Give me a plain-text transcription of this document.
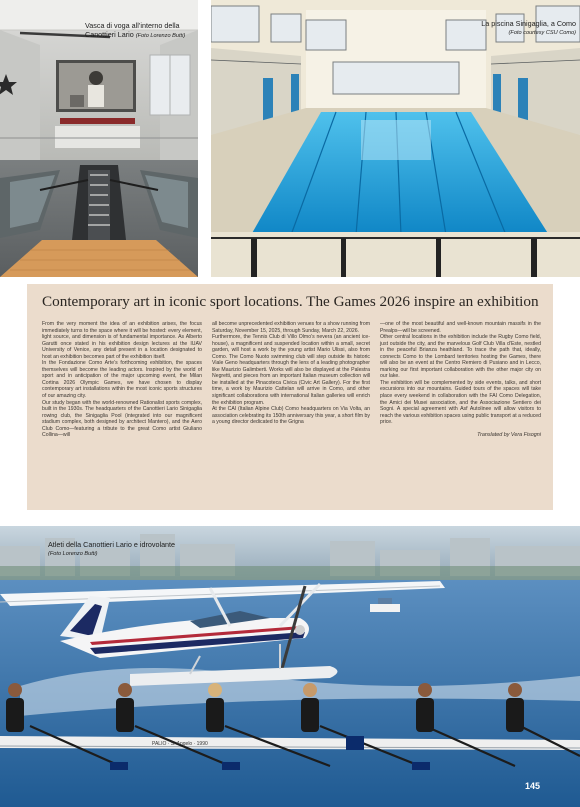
Vasca di voga all’interno della Canottieri Lario (Foto Lorenzo Butti)
La piscina Sinigaglia, a Como
(Foto courtesy CSU Como)
Contemporary art in iconic sport locations. The Games 2026 inspire an exhibition

From the very moment the idea of an exhibition arises, the focus immediately turns to the space where it will be hosted: every element, light source, and dimension is of fundamental importance. As Alberto Garutti once stated in his exhibition design lectures at the IUAV University of Venice, any detail present in a location designated to host an exhibition becomes part of the exhibition itself.

In the Fondazione Como Arte’s forthcoming exhibition, the spaces themselves will become the leading actors. Inspired by the world of sport and in anticipation of the major upcoming event, the Milan Cortina 2026 Olympic Games, we have chosen to display contemporary art installations within the most iconic sports structures of our amazing city.

Our study began with the world-renowned Rationalist sports complex, built in the 1930s. The headquarters of the Canottieri Lario Sinigaglia rowing club, the Sinigaglia Pool (integrated into our magnificent stadium complex, both designed by architect Mantero), and the Aero Club Como—featuring a tribute to the great Como artist Giuliano Collina—will

all become unprecedented exhibition venues for a show running from Saturday, November 15, 2025, through Sunday, March 22, 2026.

Furthermore, the Tennis Club di Villo Olmo’s nevera (an ancient ice-house), a magnificent and suspended location within a small, secret garden, will host a work by the young artist Mario Ulissi, also from Como. The Como Nuoto swimming club will step outside its historic Viale Geno headquarters through the lens of a leading photographer like Maurizio Galimberti. Works will also be displayed at the Palestra Negretti, and pieces from an important Italian museum collection will be installed at the Pinacoteca Civica (Civic Art Gallery). For the first time, a work by Maurizio Cattelan will arrive in Como, and other significant collaborations with international Italian galleries will enrich the exhibition program.

At the CAI (Italian Alpine Club) Como headquarters on Via Volta, an association celebrating its 150th anniversary this year, a short film by a young director dedicated to the Grigna

—one of the most beautiful and well-known mountain massifs in the Prealps—will be screened.

Other central locations in the exhibition include the Rugby Como field, just outside the city, and the marvelous Golf Club Villa d’Este, nestled in the peaceful Brianza heathland. To trace the path that, ideally, connects Como to the Lombard territories hosting the Games, there will also be an event at the Centro Remiero di Pusiano and in Lecco, marking our first important collaboration with the other major city on our lake.

The exhibition will be complemented by side events, talks, and short excursions into our mountains. Guided tours of the spaces will take place every weekend in collaboration with the FAI Como Delegation, the Amici dei Musei association, and the Associazione Sentiero dei Sogni. A special agreement with Asf Autolinee will allow visitors to reach the various exhibition spaces using public transport at a reduced price.

Translated by Vera Fisogni

PALIO · S. Angelo · 1990
Atleti della Canottieri Lario e idrovolante
(Foto Lorenzo Butti)
145
